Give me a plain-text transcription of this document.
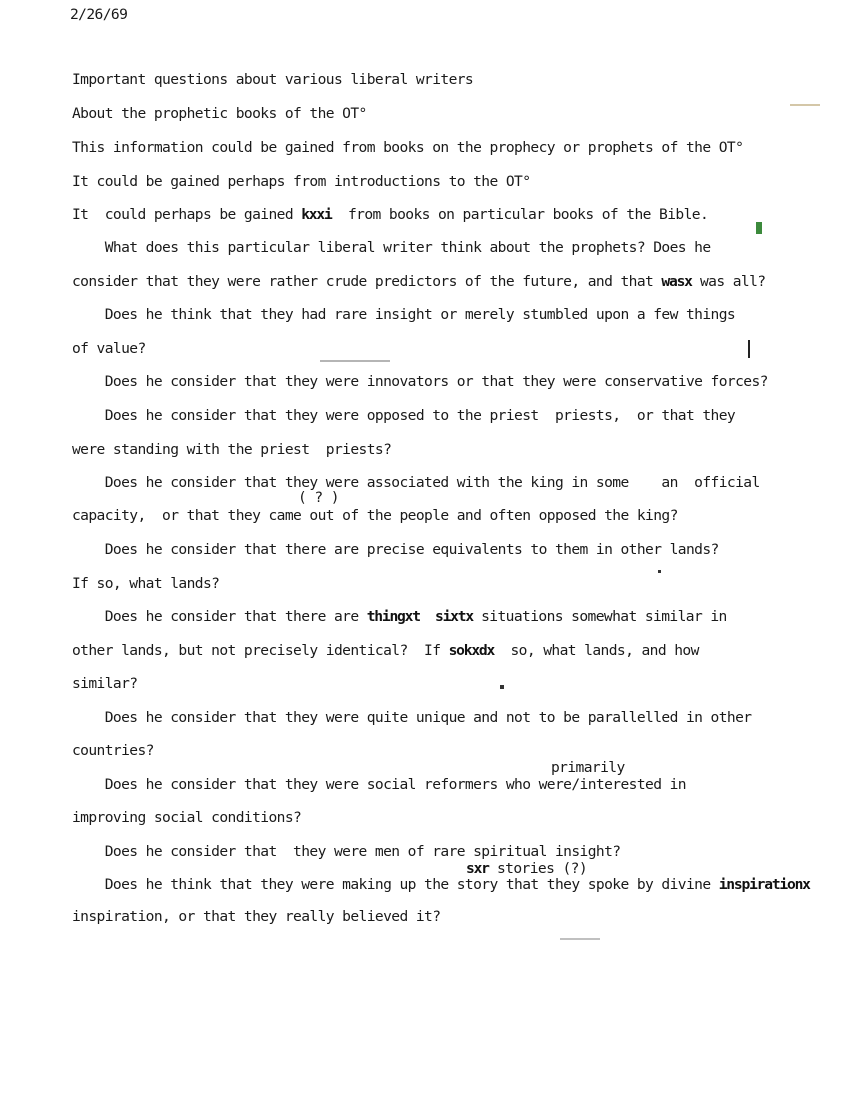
2/26/69
Important questions about various liberal writers
About the prophetic books of the OT°
This information could be gained from books on the prophecy or prophets of the OT°
It could be gained perhaps from introductions to the OT°
It  could perhaps be gained kxxi  from books on particular books of the Bible.
What does this particular liberal writer think about the prophets? Does he
consider that they were rather crude predictors of the future, and that wasx was all?
Does he think that they had rare insight or merely stumbled upon a few things
of value?
Does he consider that they were innovators or that they were conservative forces?
Does he consider that they were opposed to the priest  priests,  or that they
were standing with the priest  priests?
Does he consider that they were associated with the king in some    an  official
( ? )
capacity,  or that they came out of the people and often opposed the king?
Does he consider that there are precise equivalents to them in other lands?
If so, what lands?
Does he consider that there are thingxt  sixtx situations somewhat similar in
other lands, but not precisely identical?  If sokxdx  so, what lands, and how
similar?
Does he consider that they were quite unique and not to be parallelled in other
countries?
primarily
Does he consider that they were social reformers who were/interested in
improving social conditions?
Does he consider that  they were men of rare spiritual insight?
sxr stories (?)
Does he think that they were making up the story that they spoke by divine inspirationx
inspiration, or that they really believed it?
